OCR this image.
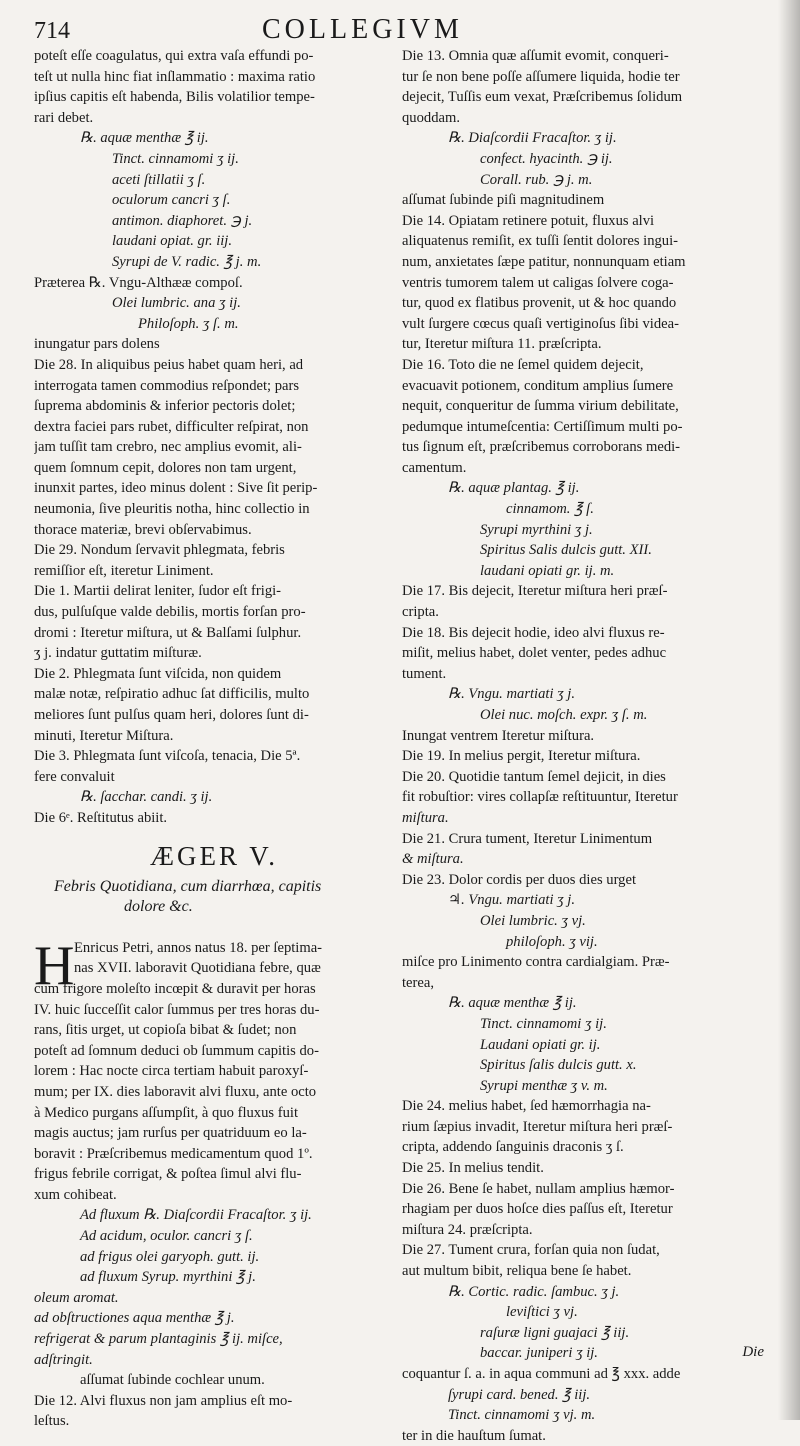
714	COLLEGIVM
poteſt eſſe coagulatus, qui extra vaſa effundi po-
teſt ut nulla hinc fiat inſlammatio : maxima ratio
ipſius capitis eſt habenda, Bilis volatilior tempe-
rari debet.
℞. aquæ menthæ ℥ ij.
Tinct. cinnamomi ʒ ij.
aceti ſtillatii ʒ ſ.
oculorum cancri ʒ ſ.
antimon. diaphoret. ℈ j.
laudani opiat. gr. iij.
Syrupi de V. radic. ℥ j. m.
Præterea ℞. Vngu-Althææ compoſ.
Olei lumbric. ana ʒ ij.
Philoſoph. ʒ ſ. m.
inungatur pars dolens
Die 28. In aliquibus peius habet quam heri, ad
interrogata tamen commodius reſpondet; pars
ſuprema abdominis & inferior pectoris dolet;
dextra faciei pars rubet, difficulter reſpirat, non
jam tuſſit tam crebro, nec amplius evomit, ali-
quem ſomnum cepit, dolores non tam urgent,
inunxit partes, ideo minus dolent : Sive ſit perip-
neumonia, ſive pleuritis notha, hinc collectio in
thorace materiæ, brevi obſervabimus.
Die 29. Nondum ſervavit phlegmata, febris
remiſſior eſt, iteretur Liniment.
Die 1. Martii delirat leniter, ſudor eſt frigi-
dus, pulſuſque valde debilis, mortis forſan pro-
dromi : Iteretur miſtura, ut & Balſami ſulphur.
ʒ j. indatur guttatim miſturæ.
Die 2. Phlegmata ſunt viſcida, non quidem
malæ notæ, reſpiratio adhuc ſat difficilis, multo
meliores ſunt pulſus quam heri, dolores ſunt di-
minuti, Iteretur Miſtura.
Die 3. Phlegmata ſunt viſcoſa, tenacia, Die 5ª.
fere convaluit
℞. ſacchar. candi. ʒ ij.
Die 6ᵉ. Reſtitutus abiit.
ÆGER V.
Febris Quotidiana, cum diarrhœa, capitis
dolore &c.
H Enricus Petri, annos natus 18. per ſeptima-
nas XVII. laboravit Quotidiana febre, quæ
cum frigore moleſto incœpit & duravit per horas
IV. huic ſucceſſit calor ſummus per tres horas du-
rans, ſitis urget, ut copioſa bibat & ſudet; non
poteſt ad ſomnum deduci ob ſummum capitis do-
lorem : Hac nocte circa tertiam habuit paroxyſ-
mum; per IX. dies laboravit alvi fluxu, ante octo
à Medico purgans aſſumpſit, à quo fluxus fuit
magis auctus; jam rurſus per quatriduum eo la-
boravit : Præſcribemus medicamentum quod 1º.
frigus febrile corrigat, & poſtea ſimul alvi flu-
xum cohibeat.
Ad fluxum ℞. Diaſcordii Fracaſtor. ʒ ij.
Ad acidum, oculor. cancri ʒ ſ.
ad frigus olei garyoph. gutt. ij.
ad fluxum Syrup. myrthini ℥ j.
oleum aromat.
ad obſtructiones aqua menthæ ℥ j.
refrigerat & parum plantaginis ℥ ij. miſce,
adſtringit.
aſſumat ſubinde cochlear unum.
Die 12. Alvi fluxus non jam amplius eſt mo-
leſtus.
Die 13. Omnia quæ aſſumit evomit, conqueri-
tur ſe non bene poſſe aſſumere liquida, hodie ter
dejecit, Tuſſis eum vexat, Præſcribemus ſolidum
quoddam.
℞. Diaſcordii Fracaſtor. ʒ ij.
confect. hyacinth. ℈ ij.
Corall. rub. ℈ j. m.
aſſumat ſubinde piſi magnitudinem
Die 14. Opiatam retinere potuit, fluxus alvi
aliquatenus remiſit, ex tuſſi ſentit dolores ingui-
num, anxietates ſæpe patitur, nonnunquam etiam
ventris tumorem talem ut caligas ſolvere coga-
tur, quod ex flatibus provenit, ut & hoc quando
vult ſurgere cœcus quaſi vertiginoſus ſibi videa-
tur, Iteretur miſtura 11. præſcripta.
Die 16. Toto die ne ſemel quidem dejecit,
evacuavit potionem, conditum amplius ſumere
nequit, conqueritur de ſumma virium debilitate,
pedumque intumeſcentia: Certiſſimum multi po-
tus ſignum eſt, præſcribemus corroborans medi-
camentum.
℞. aquæ plantag. ℥ ij.
cinnamom. ℥ ſ.
Syrupi myrthini ʒ j.
Spiritus Salis dulcis gutt. XII.
laudani opiati gr. ij. m.
Die 17. Bis dejecit, Iteretur miſtura heri præſ-
cripta.
Die 18. Bis dejecit hodie, ideo alvi fluxus re-
miſit, melius habet, dolet venter, pedes adhuc
tument.
℞. Vngu. martiati ʒ j.
Olei nuc. moſch. expr. ʒ ſ. m.
Inungat ventrem Iteretur miſtura.
Die 19. In melius pergit, Iteretur miſtura.
Die 20. Quotidie tantum ſemel dejicit, in dies
fit robuſtior: vires collapſæ reſtituuntur, Iteretur
miſtura.
Die 21. Crura tument, Iteretur Linimentum
& miſtura.
Die 23. Dolor cordis per duos dies urget
♃. Vngu. martiati ʒ j.
Olei lumbric. ʒ vj.
philoſoph. ʒ vij.
miſce pro Linimento contra cardialgiam. Præ-
terea,
℞. aquæ menthæ ℥ ij.
Tinct. cinnamomi ʒ ij.
Laudani opiati gr. ij.
Spiritus ſalis dulcis gutt. x.
Syrupi menthæ ʒ v. m.
Die 24. melius habet, ſed hæmorrhagia na-
rium ſæpius invadit, Iteretur miſtura heri præſ-
cripta, addendo ſanguinis draconis ʒ ſ.
Die 25. In melius tendit.
Die 26. Bene ſe habet, nullam amplius hæmor-
rhagiam per duos hoſce dies paſſus eſt, Iteretur
miſtura 24. præſcripta.
Die 27. Tument crura, forſan quia non ſudat,
aut multum bibit, reliqua bene ſe habet.
℞. Cortic. radic. ſambuc. ʒ j.
leviſtici ʒ vj.
raſuræ ligni guajaci ℥ iij.
baccar. juniperi ʒ ij.
coquantur ſ. a. in aqua communi ad ℥ xxx. adde
ſyrupi card. bened. ℥ iij.
Tinct. cinnamomi ʒ vj. m.
ter in die hauſtum ſumat.
Die
